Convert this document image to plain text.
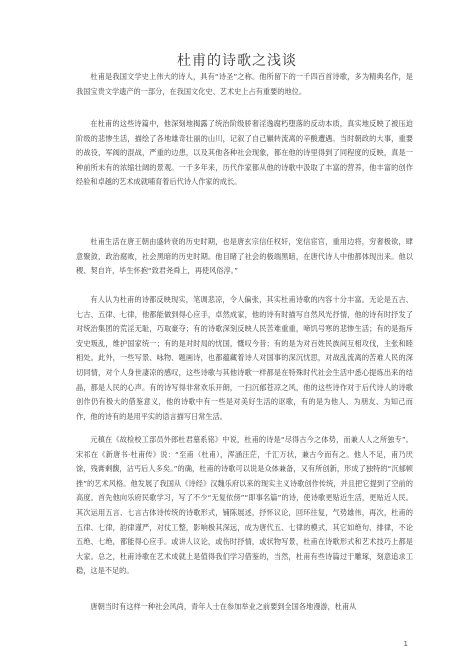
杜甫的诗歌之浅谈

杜甫是我国文学史上伟大的诗人，具有“诗圣”之称。他所留下的一千四百首诗歌，多为精典名作，是我国宝贵文学遗产的一部分，在我国文化史、艺术史上占有重要的地位。

在杜甫的这些诗篇中，他深刻地揭露了统治阶级骄奢淫逸腐朽堕落的反动本质，真实地反映了被压迫阶级的悲惨生活，描绘了各地雄奇壮丽的山川，记叙了自己辗转流离的辛酸遭遇。当时朝政的大事，重要的战役，军阀的混战，严重的边患，以及其他各种社会现象，都在他的诗里得到了同程度的反映，真是一种前所未有的浓缩壮阔的景观。一千多年来，历代作家都从他的诗歌中汲取了丰富的营养，他丰富的创作经验和卓越的艺术成就哺育着后代诗人作家的成长。

杜甫生活在唐王朝由盛转衰的历史时期，也是唐玄宗信任权奸，宠信宦官，重用边将，穷奢极欲，肆意聚敛，政治腐败，社会黑暗的历史时期。他目睹了社会的极端黑暗，在唐代诗人中他都体现出来。他以稷、契自许，毕生怀抱“致君尧舜上，再使风俗淳。”

有人认为杜甫的诗都反映现实，笔调悲凉，令人偏张，其实杜甫诗歌的内容十分丰富。无论是五古、七古、五律、七律，他都能做到得心应手，卓然成家，他的诗有时描写自然风光抒情，他的诗有时抒发了对统治集团的荒淫无耻，巧取豪夺；有的诗歌深刻反映人民苦难重重，啼饥号寒的悲惨生活；有的是指斥安史叛乱，维护国家统一；有的是对时局的忧国，慨叹今昔；有的是为对百姓民族间互相攻伐，主张和睦相处。此外，一些写景、咏物、题画诗，也都蕴藏着诗人对国事的深沉忧思，对战乱流离的苦难人民的深切同情，对个人身世凄凉的感叹，这些诗歌与其他诗歌一样都是在特殊时代社会生活中悉心提炼出来的结晶，都是人民的心声。有的诗写得非常欢乐开朗，一扫沉郁苍凉之风，他的这些诗作对于后代诗人的诗歌创作仍有极大的借鉴意义，他的诗歌中有一些是对美好生活的讴歌，有的是为他人、为朋友、为知己而作，他的诗有的是用平实的语言描写日常生活。

元稹在《故检校工部员外郎杜君墓系铭》中说，杜甫的诗是“尽得古今之体势，而兼人人之所独专”。宋祁在《新唐书·杜甫传》说：“至甫（杜甫），浑涵汪茫，千汇万状，兼古今而有之。他人不足，甫乃厌馀，残膏剩馥，沾丐后人多矣。”的确，杜甫的诗歌可以说是众体兼备，又有所创新，形成了独特的“沉郁顿挫”的艺术风格。他发展了我国从《诗经》汉魏乐府以来的现实主义诗歌创作传统，并且把它提到了空前的高度。首先他向乐府民歌学习，写了不少“无复依傍”“即事名篇”的诗，使诗歌更贴近生活，更贴近人民。其次运用五言、七言古体诗传统的诗歌形式，铺陈展述，抒怀议论，回环往复，气势雄伟，再次，杜甫的五律、七律，韵律谨严，对仗工整，影响极其深远，成为唐代五、七律的模式，其它如绝句、排律，不论五绝、七绝，都能得心应手。或讲人议论，或伤时抒情，或状物写景，杜甫在诗歌形式和艺术技巧上都是大家。总之，杜甫诗歌在艺术成就上是值得我们学习借鉴的，当然，杜甫有些诗篇过于雕琢，刻意追求工稳，这是不足的。

唐朝当时有这样一种社会风尚，青年人士在参加举业之前要到全国各地漫游，杜甫从

1
